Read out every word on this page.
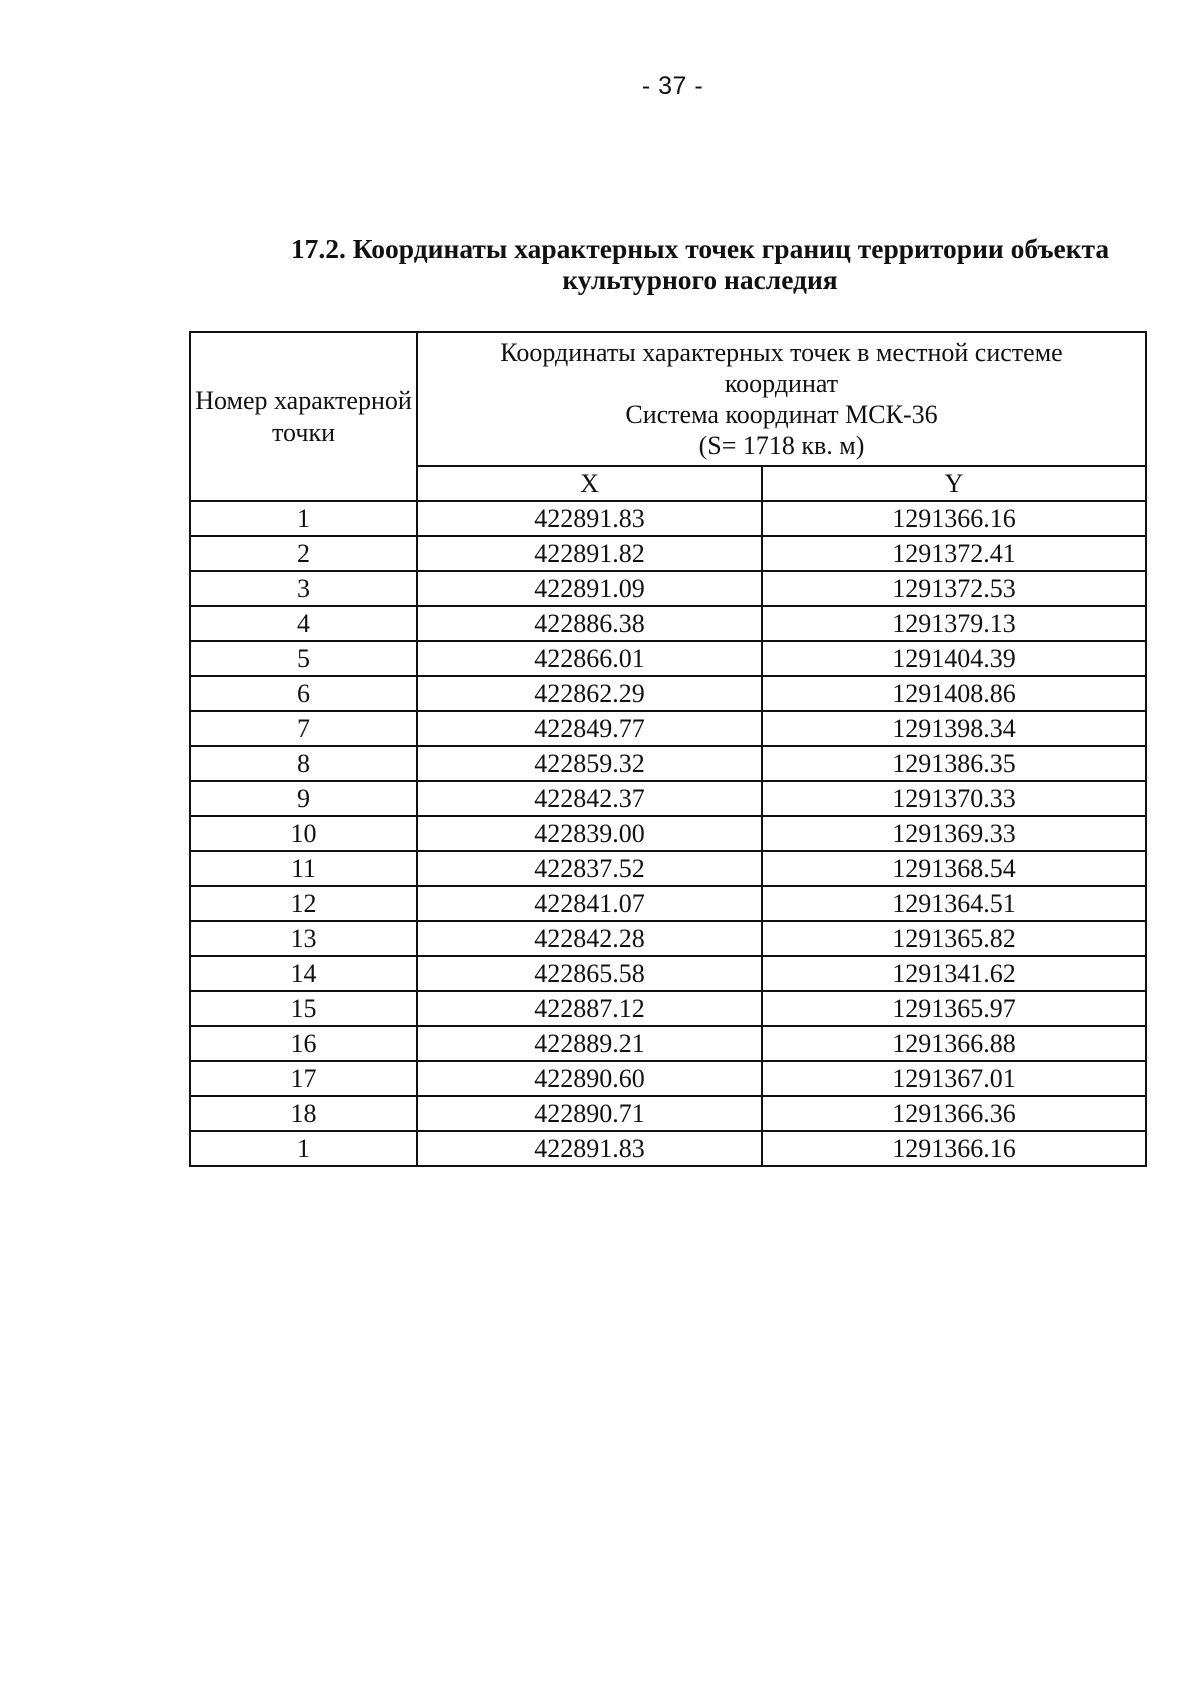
- 37 -
17.2. Координаты характерных точек границ территории объекта
культурного наследия
Номер характерной точки	Координаты характерных точек в местной системе
координат
Система координат МСК-36
(S= 1718 кв. м)	

	X	Y
1	422891.83	1291366.16
2	422891.82	1291372.41
3	422891.09	1291372.53
4	422886.38	1291379.13
5	422866.01	1291404.39
6	422862.29	1291408.86
7	422849.77	1291398.34
8	422859.32	1291386.35
9	422842.37	1291370.33
10	422839.00	1291369.33
11	422837.52	1291368.54
12	422841.07	1291364.51
13	422842.28	1291365.82
14	422865.58	1291341.62
15	422887.12	1291365.97
16	422889.21	1291366.88
17	422890.60	1291367.01
18	422890.71	1291366.36
1	422891.83	1291366.16
